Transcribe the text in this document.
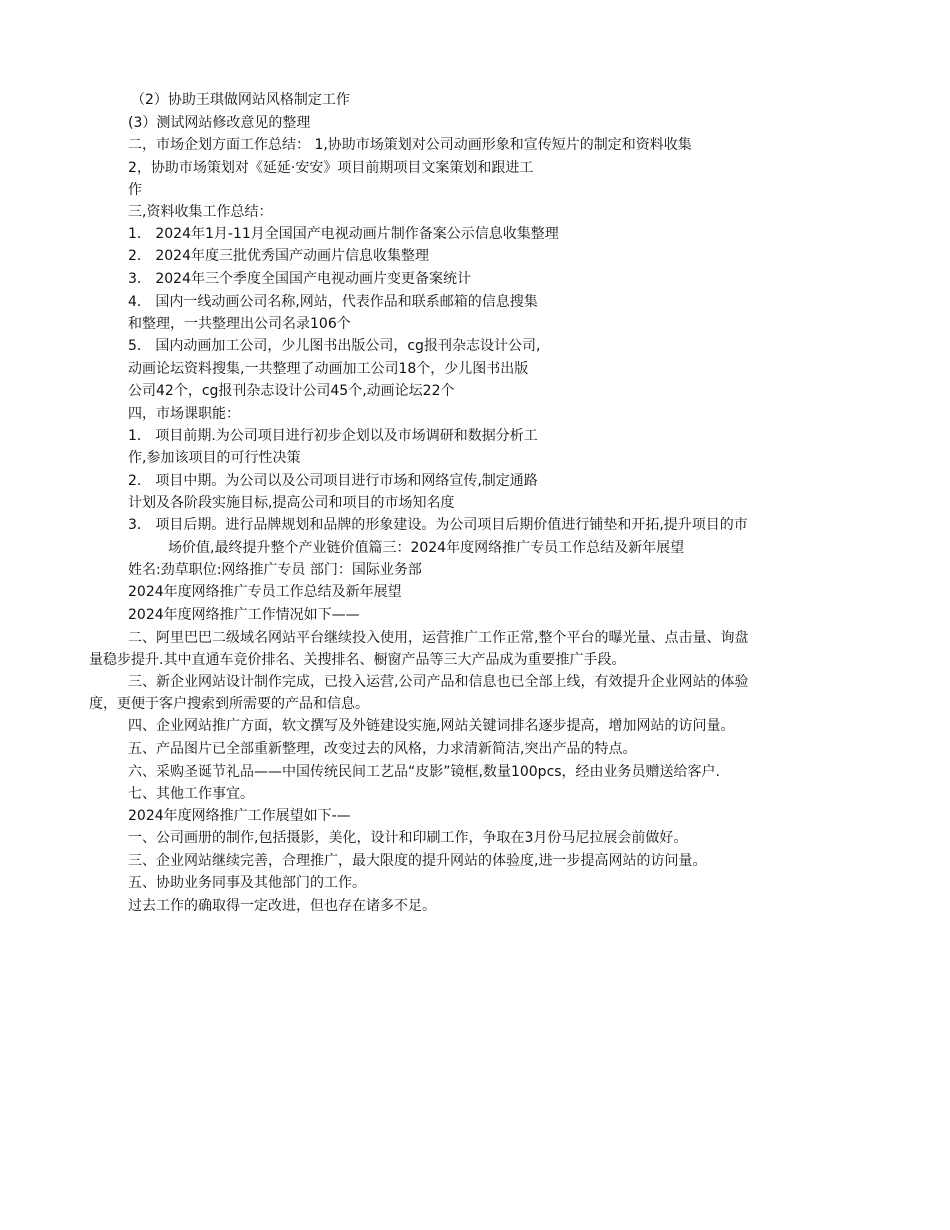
（2）协助王琪做网站风格制定工作
(3）测试网站修改意见的整理
二，市场企划方面工作总结： 1,协助市场策划对公司动画形象和宣传短片的制定和资料收集
2，协助市场策划对《延延·安安》项目前期项目文案策划和跟进工
作
三,资料收集工作总结：
1． 2024年1月-11月全国国产电视动画片制作备案公示信息收集整理
2． 2024年度三批优秀国产动画片信息收集整理
3． 2024年三个季度全国国产电视动画片变更备案统计
4． 国内一线动画公司名称,网站，代表作品和联系邮箱的信息搜集
和整理，一共整理出公司名录106个
5． 国内动画加工公司，少儿图书出版公司，cg报刊杂志设计公司,
动画论坛资料搜集,一共整理了动画加工公司18个，少儿图书出版
公司42个，cg报刊杂志设计公司45个,动画论坛22个
四，市场课职能：
1． 项目前期.为公司项目进行初步企划以及市场调研和数据分析工
作,参加该项目的可行性决策
2． 项目中期。为公司以及公司项目进行市场和网络宣传,制定通路
计划及各阶段实施目标,提高公司和项目的市场知名度
3． 项目后期。进行品牌规划和品牌的形象建设。为公司项目后期价值进行铺垫和开拓,提升项目的市
场价值,最终提升整个产业链价值篇三：2024年度网络推广专员工作总结及新年展望
姓名:劲草职位:网络推广专员 部门：国际业务部
2024年度网络推广专员工作总结及新年展望
2024年度网络推广工作情况如下——
二、阿里巴巴二级域名网站平台继续投入使用，运营推广工作正常,整个平台的曝光量、点击量、询盘
量稳步提升.其中直通车竞价排名、关搜排名、橱窗产品等三大产品成为重要推广手段。
三、新企业网站设计制作完成，已投入运营,公司产品和信息也已全部上线，有效提升企业网站的体验
度，更便于客户搜索到所需要的产品和信息。
四、企业网站推广方面，软文撰写及外链建设实施,网站关键词排名逐步提高，增加网站的访问量。
五、产品图片已全部重新整理，改变过去的风格，力求清新简洁,突出产品的特点。
六、采购圣诞节礼品——中国传统民间工艺品“皮影”镜框,数量100pcs，经由业务员赠送给客户.
七、其他工作事宜。
2024年度网络推广工作展望如下-—
一、公司画册的制作,包括摄影，美化，设计和印刷工作，争取在3月份马尼拉展会前做好。
三、企业网站继续完善，合理推广，最大限度的提升网站的体验度,进一步提高网站的访问量。
五、协助业务同事及其他部门的工作。
过去工作的确取得一定改进，但也存在诸多不足。
